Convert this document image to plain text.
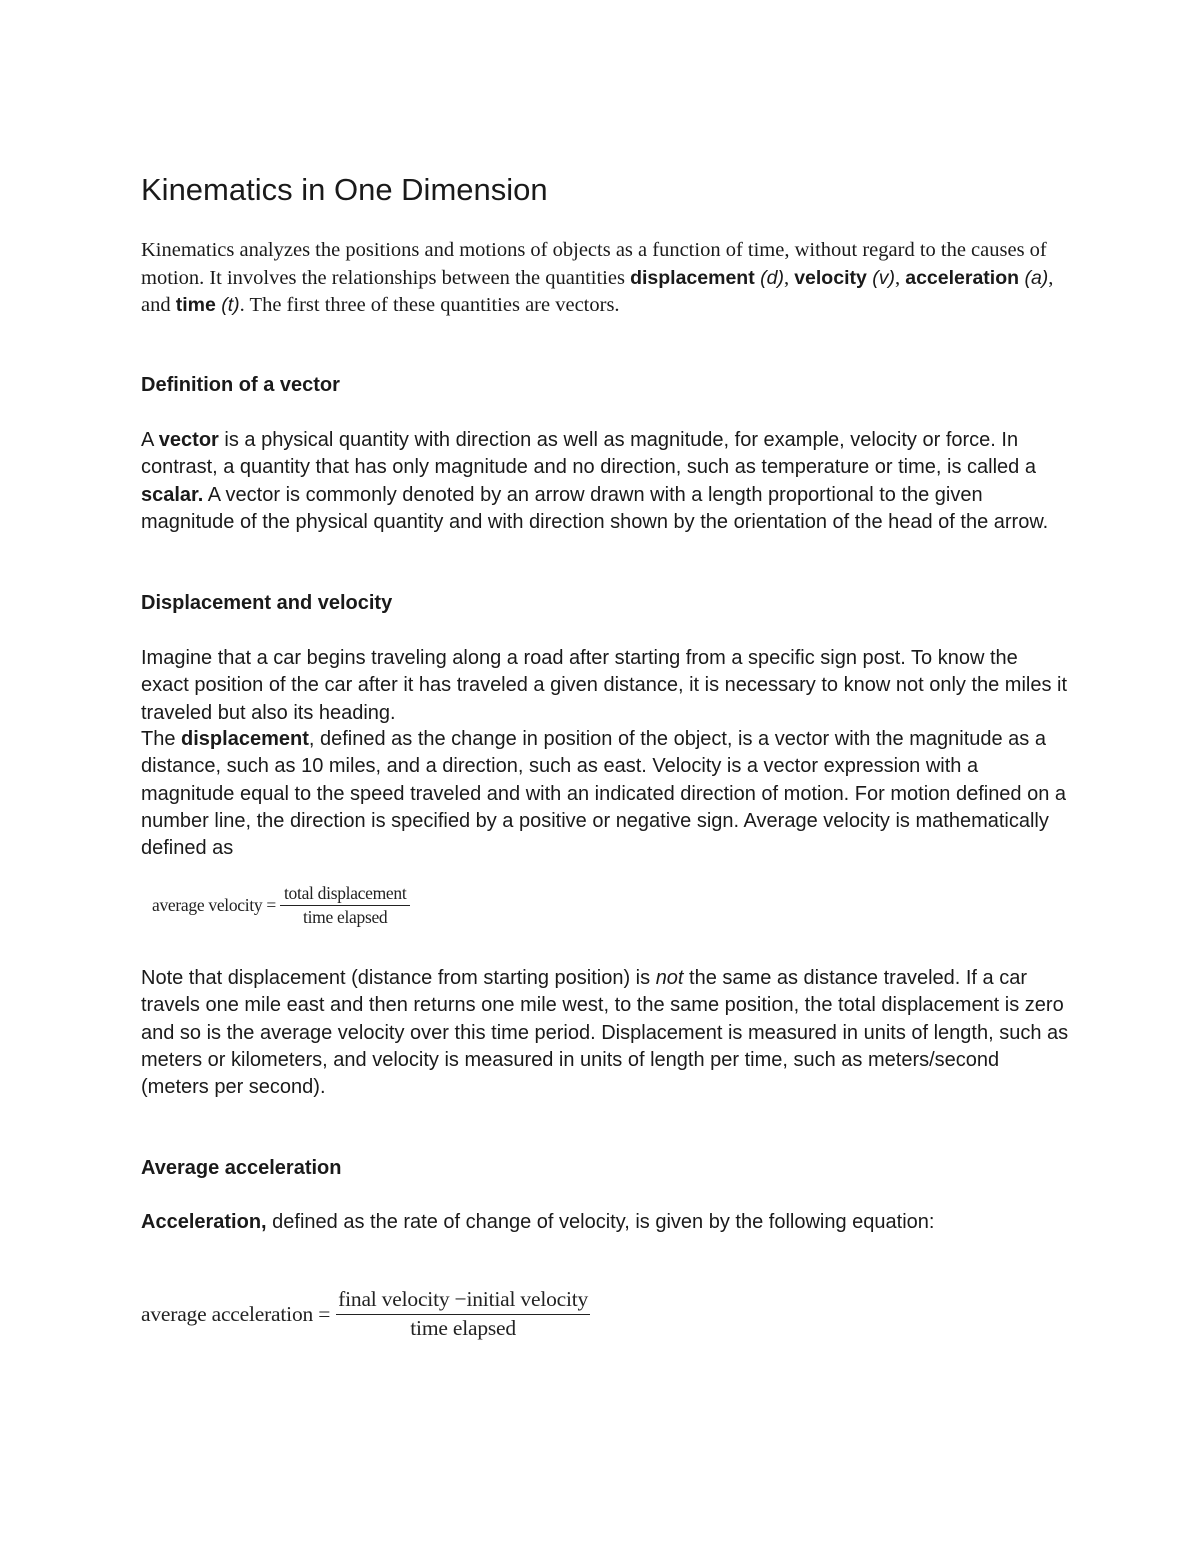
Kinematics in One Dimension

Kinematics analyzes the positions and motions of objects as a function of time, without regard to the causes of motion. It involves the relationships between the quantities displacement (d), velocity (v), acceleration (a), and time (t). The first three of these quantities are vectors.

Definition of a vector

A vector is a physical quantity with direction as well as magnitude, for example, velocity or force. In contrast, a quantity that has only magnitude and no direction, such as temperature or time, is called a scalar. A vector is commonly denoted by an arrow drawn with a length proportional to the given magnitude of the physical quantity and with direction shown by the orientation of the head of the arrow.

Displacement and velocity

Imagine that a car begins traveling along a road after starting from a specific sign post. To know the exact position of the car after it has traveled a given distance, it is necessary to know not only the miles it traveled but also its heading.

The displacement, defined as the change in position of the object, is a vector with the magnitude as a distance, such as 10 miles, and a direction, such as east. Velocity is a vector expression with a magnitude equal to the speed traveled and with an indicated direction of motion. For motion defined on a number line, the direction is specified by a positive or negative sign. Average velocity is mathematically defined as

average velocity = $\frac{\text{total displacement}}{\text{time elapsed}}$

Note that displacement (distance from starting position) is not the same as distance traveled. If a car travels one mile east and then returns one mile west, to the same position, the total displacement is zero and so is the average velocity over this time period. Displacement is measured in units of length, such as meters or kilometers, and velocity is measured in units of length per time, such as meters/second (meters per second).

Average acceleration

Acceleration, defined as the rate of change of velocity, is given by the following equation:

average acceleration = $\frac{\text{final velocity −initial velocity}}{\text{time elapsed}}$
